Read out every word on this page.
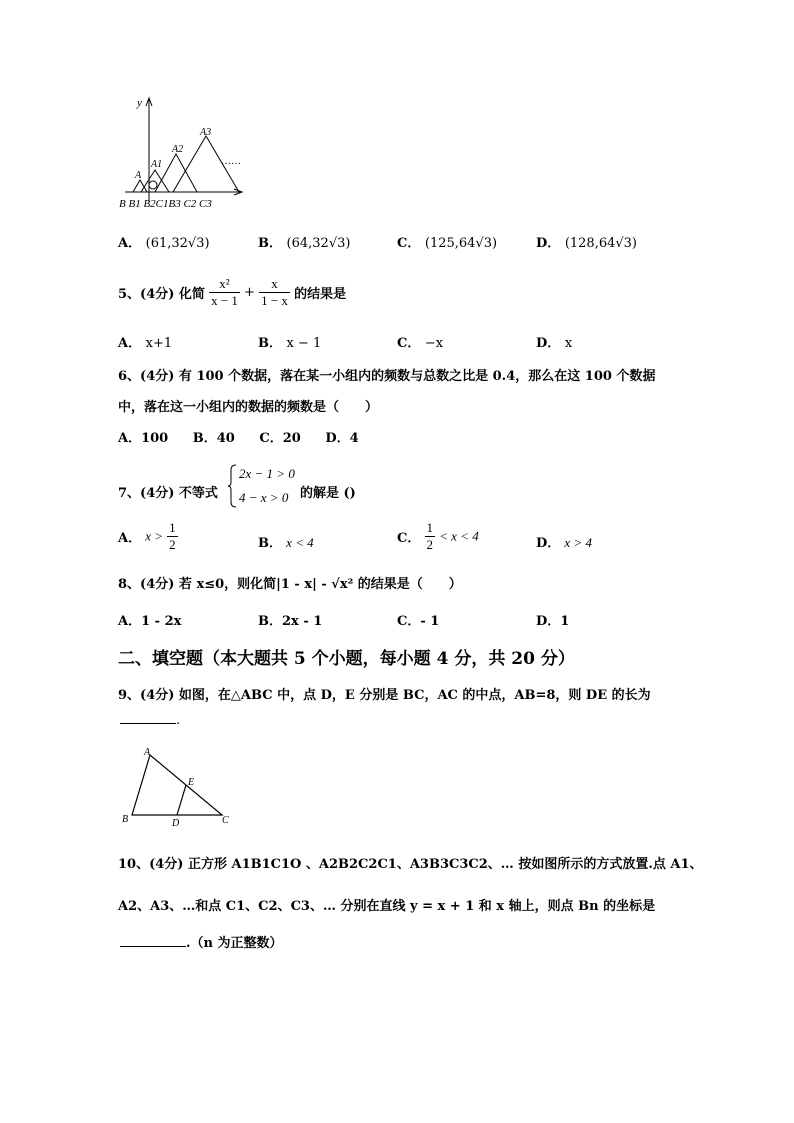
y
A
A1
A2
A3
……
B B1 B2C1B3 C2 C3
A． (61,32√3)	B． (64,32√3)	C． (125,64√3)	D． (128,64√3)
5、(4分) 化简 $\frac{\text{x²}}{x - 1} + \frac{x}{1 - x}$ 的结果是
A． x+1	B． x − 1	C． −x	D． x
6、(4分) 有 100 个数据，落在某一小组内的频数与总数之比是 0.4，那么在这 100 个数据
中，落在这一小组内的数据的频数是（　　）
A．100 B．40 C．20 D．4
7、(4分) 不等式
2x − 1 > 0
4 − x > 0 的解是 ()
A． $x > \frac{1}{2}$	B． x < 4	C． $\frac{1}{2} < x < 4$	D． x > 4
8、(4分) 若 x≤0，则化简|1 - x| - √x² 的结果是（　　）
A．1 - 2x	B．2x - 1	C．- 1	D．1
二、填空题（本大题共 5 个小题，每小题 4 分，共 20 分）
9、(4分) 如图，在△ABC 中，点 D，E 分别是 BC，AC 的中点，AB=8，则 DE 的长为
.
A
B	C
D
E
10、(4分) 正方形 A1B1C1O 、A2B2C2C1、A3B3C3C2、… 按如图所示的方式放置.点 A1、
A2、A3、…和点 C1、C2、C3、… 分别在直线 y = x + 1 和 x 轴上，则点 Bn 的坐标是
.（n 为正整数）
